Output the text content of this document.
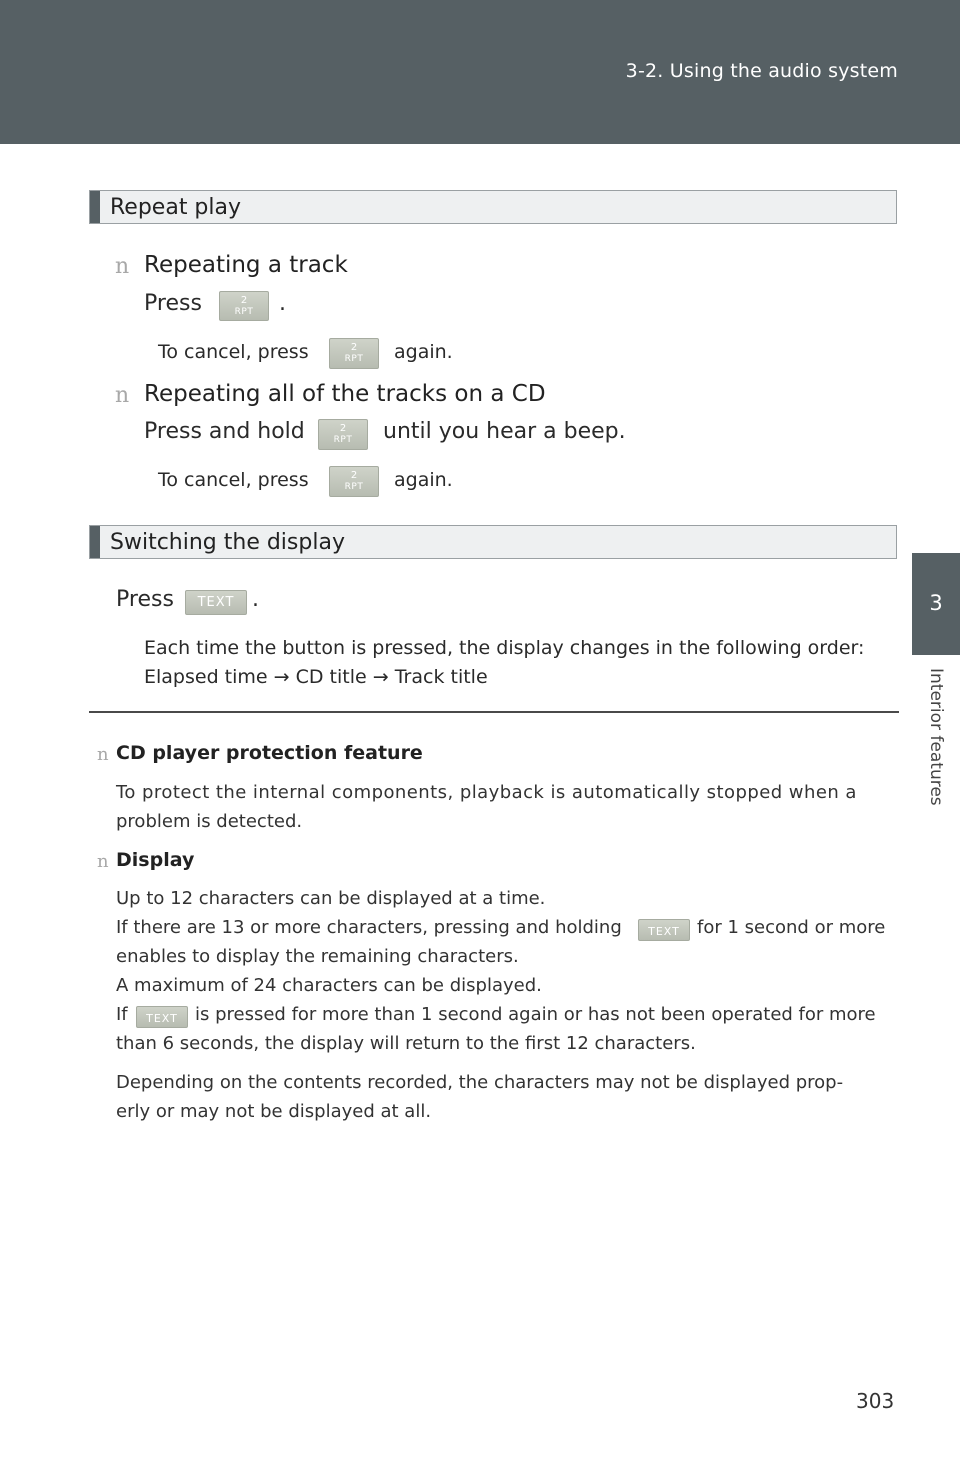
3-2. Using the audio system
3
Interior features
Repeat play
n Repeating a track
Press	2
RPT	.
To cancel, press	2
RPT	again.
n Repeating all of the tracks on a CD
Press and hold	2
RPT	until you hear a beep.
To cancel, press	2
RPT	again.
Switching the display
Press	TEXT .
Each time the button is pressed, the display changes in the following order:
Elapsed time → CD title → Track title
n CD player protection feature
To protect the internal components, playback is automatically stopped when a
problem is detected.
n Display
Up to 12 characters can be displayed at a time.
If there are 13 or more characters, pressing and holding	TEXT for 1 second or more
enables to display the remaining characters.
A maximum of 24 characters can be displayed.
If	TEXT is pressed for more than 1 second again or has not been operated for more
than 6 seconds, the display will return to the first 12 characters.
Depending on the contents recorded, the characters may not be displayed prop-
erly or may not be displayed at all.
303
